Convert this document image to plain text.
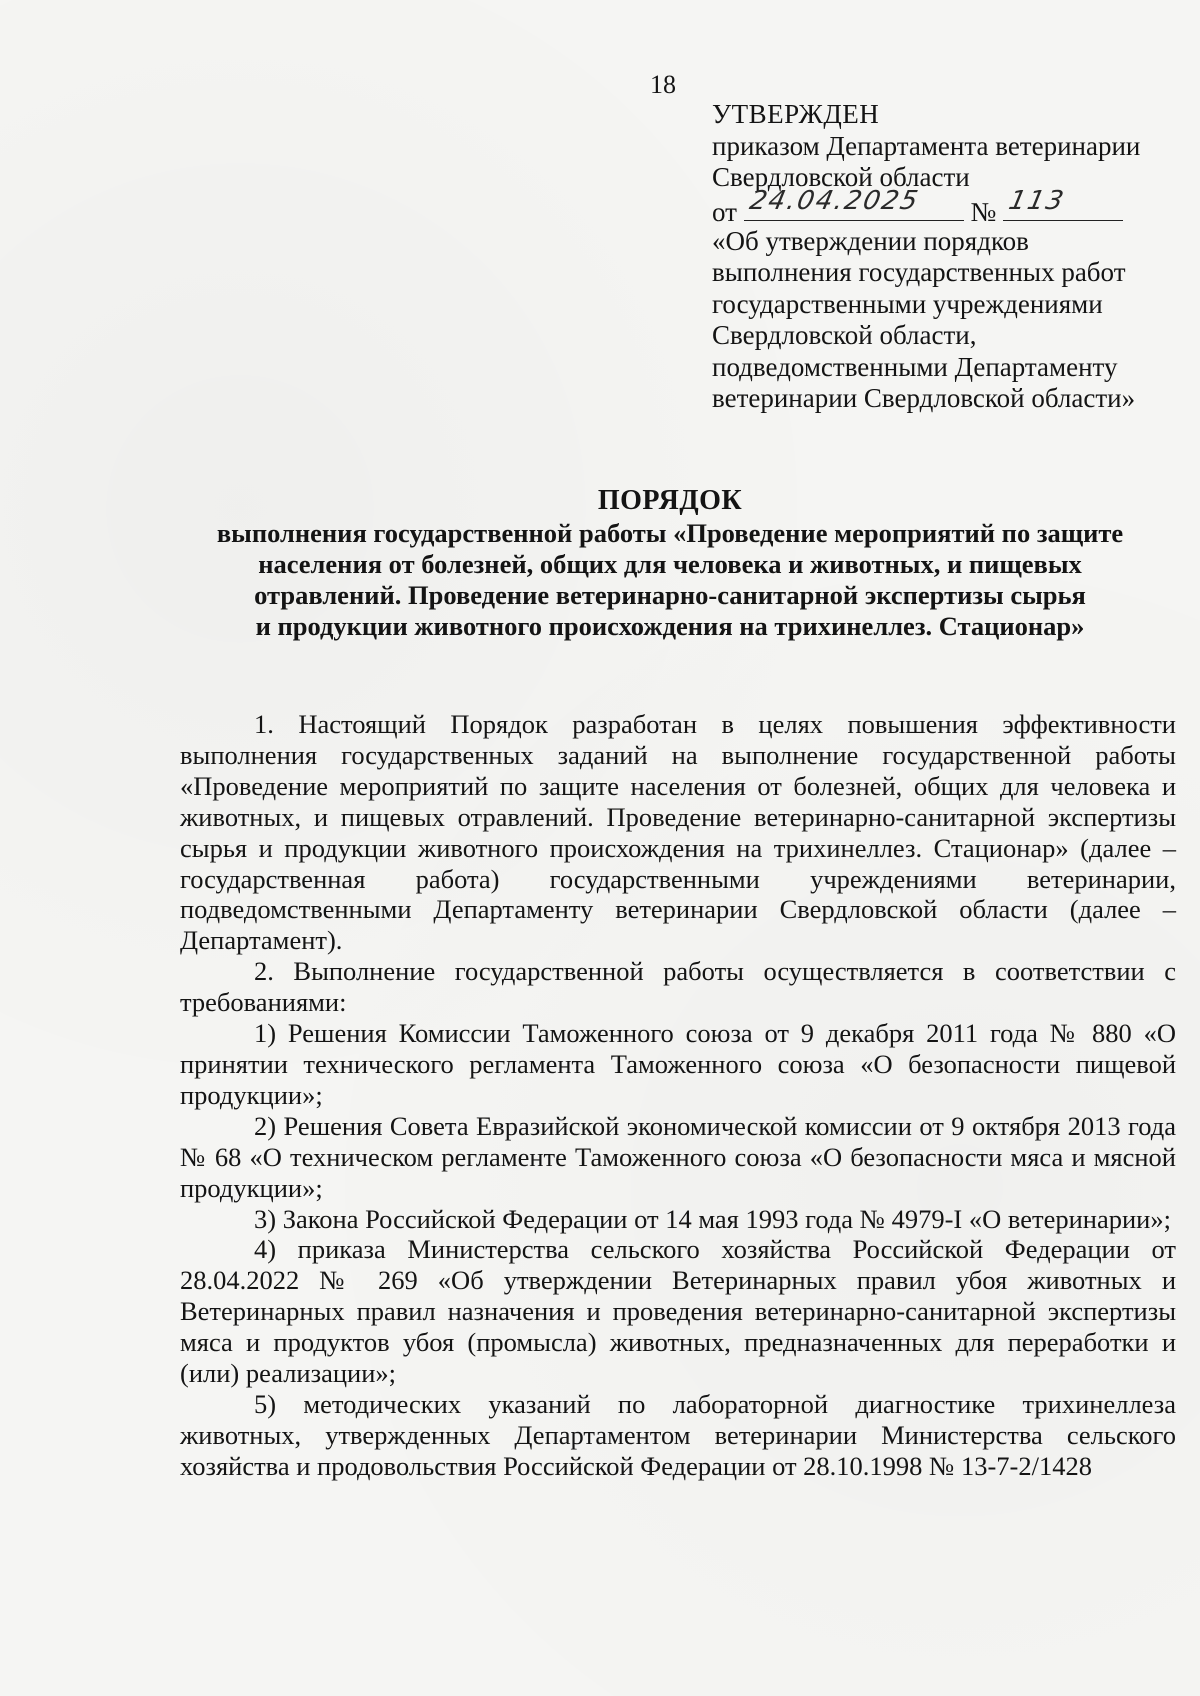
18
УТВЕРЖДЕН
приказом Департамента ветеринарии
Свердловской области
от 24.04.2025 № 113
«Об утверждении порядков
выполнения государственных работ
государственными учреждениями
Свердловской области,
подведомственными Департаменту
ветеринарии Свердловской области»
ПОРЯДОК
выполнения государственной работы «Проведение мероприятий по защите
населения от болезней, общих для человека и животных, и пищевых
отравлений. Проведение ветеринарно-санитарной экспертизы сырья
и продукции животного происхождения на трихинеллез. Стационар»

1. Настоящий Порядок разработан в целях повышения эффективности выполнения государственных заданий на выполнение государственной работы «Проведение мероприятий по защите населения от болезней, общих для человека и животных, и пищевых отравлений. Проведение ветеринарно-санитарной экспертизы сырья и продукции животного происхождения на трихинеллез. Стационар» (далее – государственная работа) государственными учреждениями ветеринарии, подведомственными Департаменту ветеринарии Свердловской области (далее – Департамент).

2. Выполнение государственной работы осуществляется в соответствии с требованиями:

1) Решения Комиссии Таможенного союза от 9 декабря 2011 года № 880 «О принятии технического регламента Таможенного союза «О безопасности пищевой продукции»;

2) Решения Совета Евразийской экономической комиссии от 9 октября 2013 года № 68 «О техническом регламенте Таможенного союза «О безопасности мяса и мясной продукции»;

3) Закона Российской Федерации от 14 мая 1993 года № 4979-I «О ветеринарии»;

4) приказа Министерства сельского хозяйства Российской Федерации от 28.04.2022 № 269 «Об утверждении Ветеринарных правил убоя животных и Ветеринарных правил назначения и проведения ветеринарно-санитарной экспертизы мяса и продуктов убоя (промысла) животных, предназначенных для переработки и (или) реализации»;

5) методических указаний по лабораторной диагностике трихинеллеза животных, утвержденных Департаментом ветеринарии Министерства сельского хозяйства и продовольствия Российской Федерации от 28.10.1998 № 13-7-2/1428
